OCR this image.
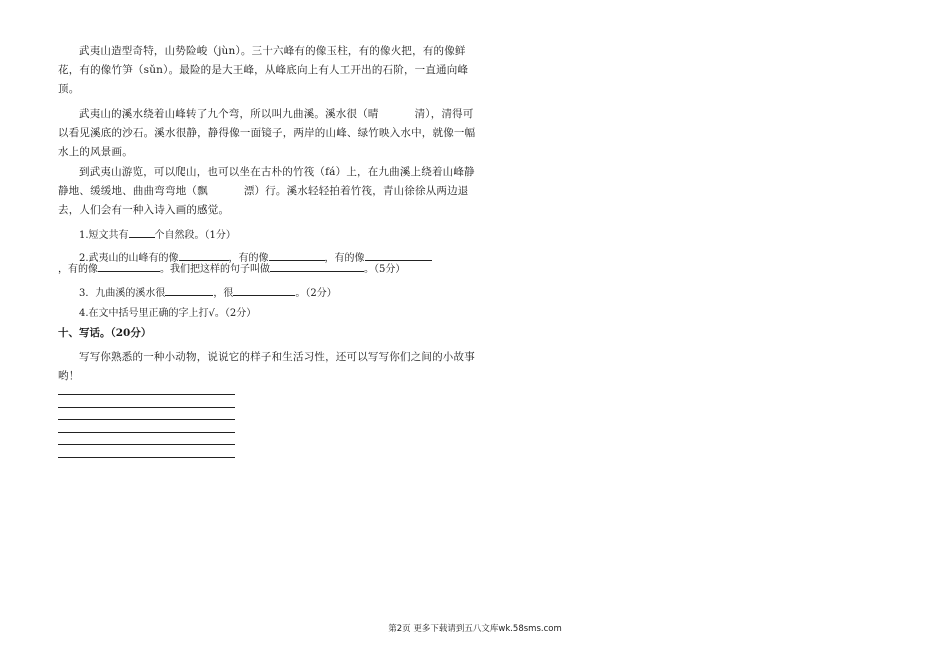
武夷山造型奇特，山势险峻（jùn）。三十六峰有的像玉柱，有的像火把，有的像鲜花，有的像竹笋（sǔn）。最险的是大王峰，从峰底向上有人工开出的石阶，一直通向峰顶。

武夷山的溪水绕着山峰转了九个弯，所以叫九曲溪。溪水很（晴	清），清得可以看见溪底的沙石。溪水很静，静得像一面镜子，两岸的山峰、绿竹映入水中，就像一幅水上的风景画。

到武夷山游览，可以爬山，也可以坐在古朴的竹筏（fá）上，在九曲溪上绕着山峰静静地、缓缓地、曲曲弯弯地（飘	漂）行。溪水轻轻拍着竹筏，青山徐徐从两边退去，人们会有一种入诗入画的感觉。

1.短文共有	个自然段。（1分）

2.武夷山的山峰有的像	，有的像	，有的像

，有的像	。我们把这样的句子叫做	。（5分）

3．九曲溪的溪水很	，很	。（2分）

4.在文中括号里正确的字上打√。（2分）

十、写话。（20分）

写写你熟悉的一种小动物，说说它的样子和生活习性，还可以写写你们之间的小故事哟！

第2页 更多下载请到五八文库wk.58sms.com
